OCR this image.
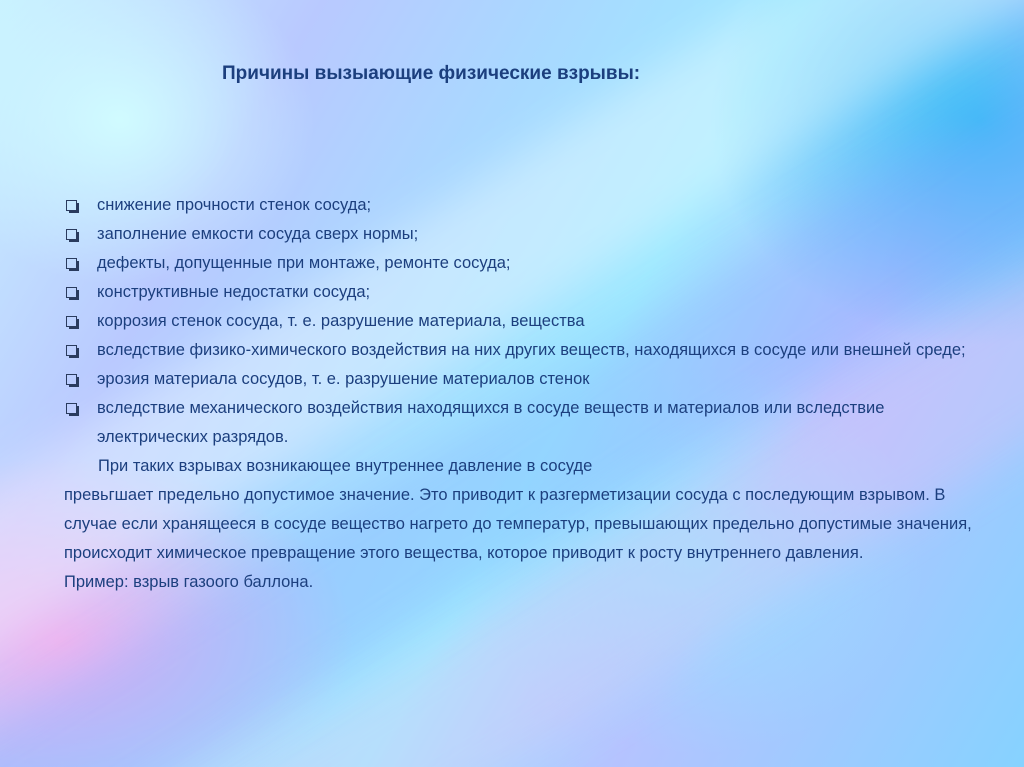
Причины вызыающие физические взрывы:
снижение прочности стенок сосуда;
заполнение емкости сосуда сверх нормы;
дефекты, допущенные при монтаже, ремонте сосуда;
конструктивные недостатки сосуда;
коррозия стенок сосуда, т. е. разрушение материала, вещества
вследствие физико-химического воздействия на них других веществ, находящихся в сосуде или внешней среде;
эрозия материала сосудов, т. е. разрушение материалов стенок
вследствие механического воздействия находящихся в сосуде веществ и материалов или вследствие электрических разрядов.

При таких взрывах возникающее внутреннее давление в сосуде
пpевьгшает предельно допустимое значение. Это приводит к разгерметизации сосуда с последующим взрывом. В случае если хранящееся в сосуде вещество нагрето до температур, превышающих предельно допустимые значения, происходит химическое превращение этого вещества, которое приводит к росту внутреннего давления.

Пример: взрыв газоого баллона.
